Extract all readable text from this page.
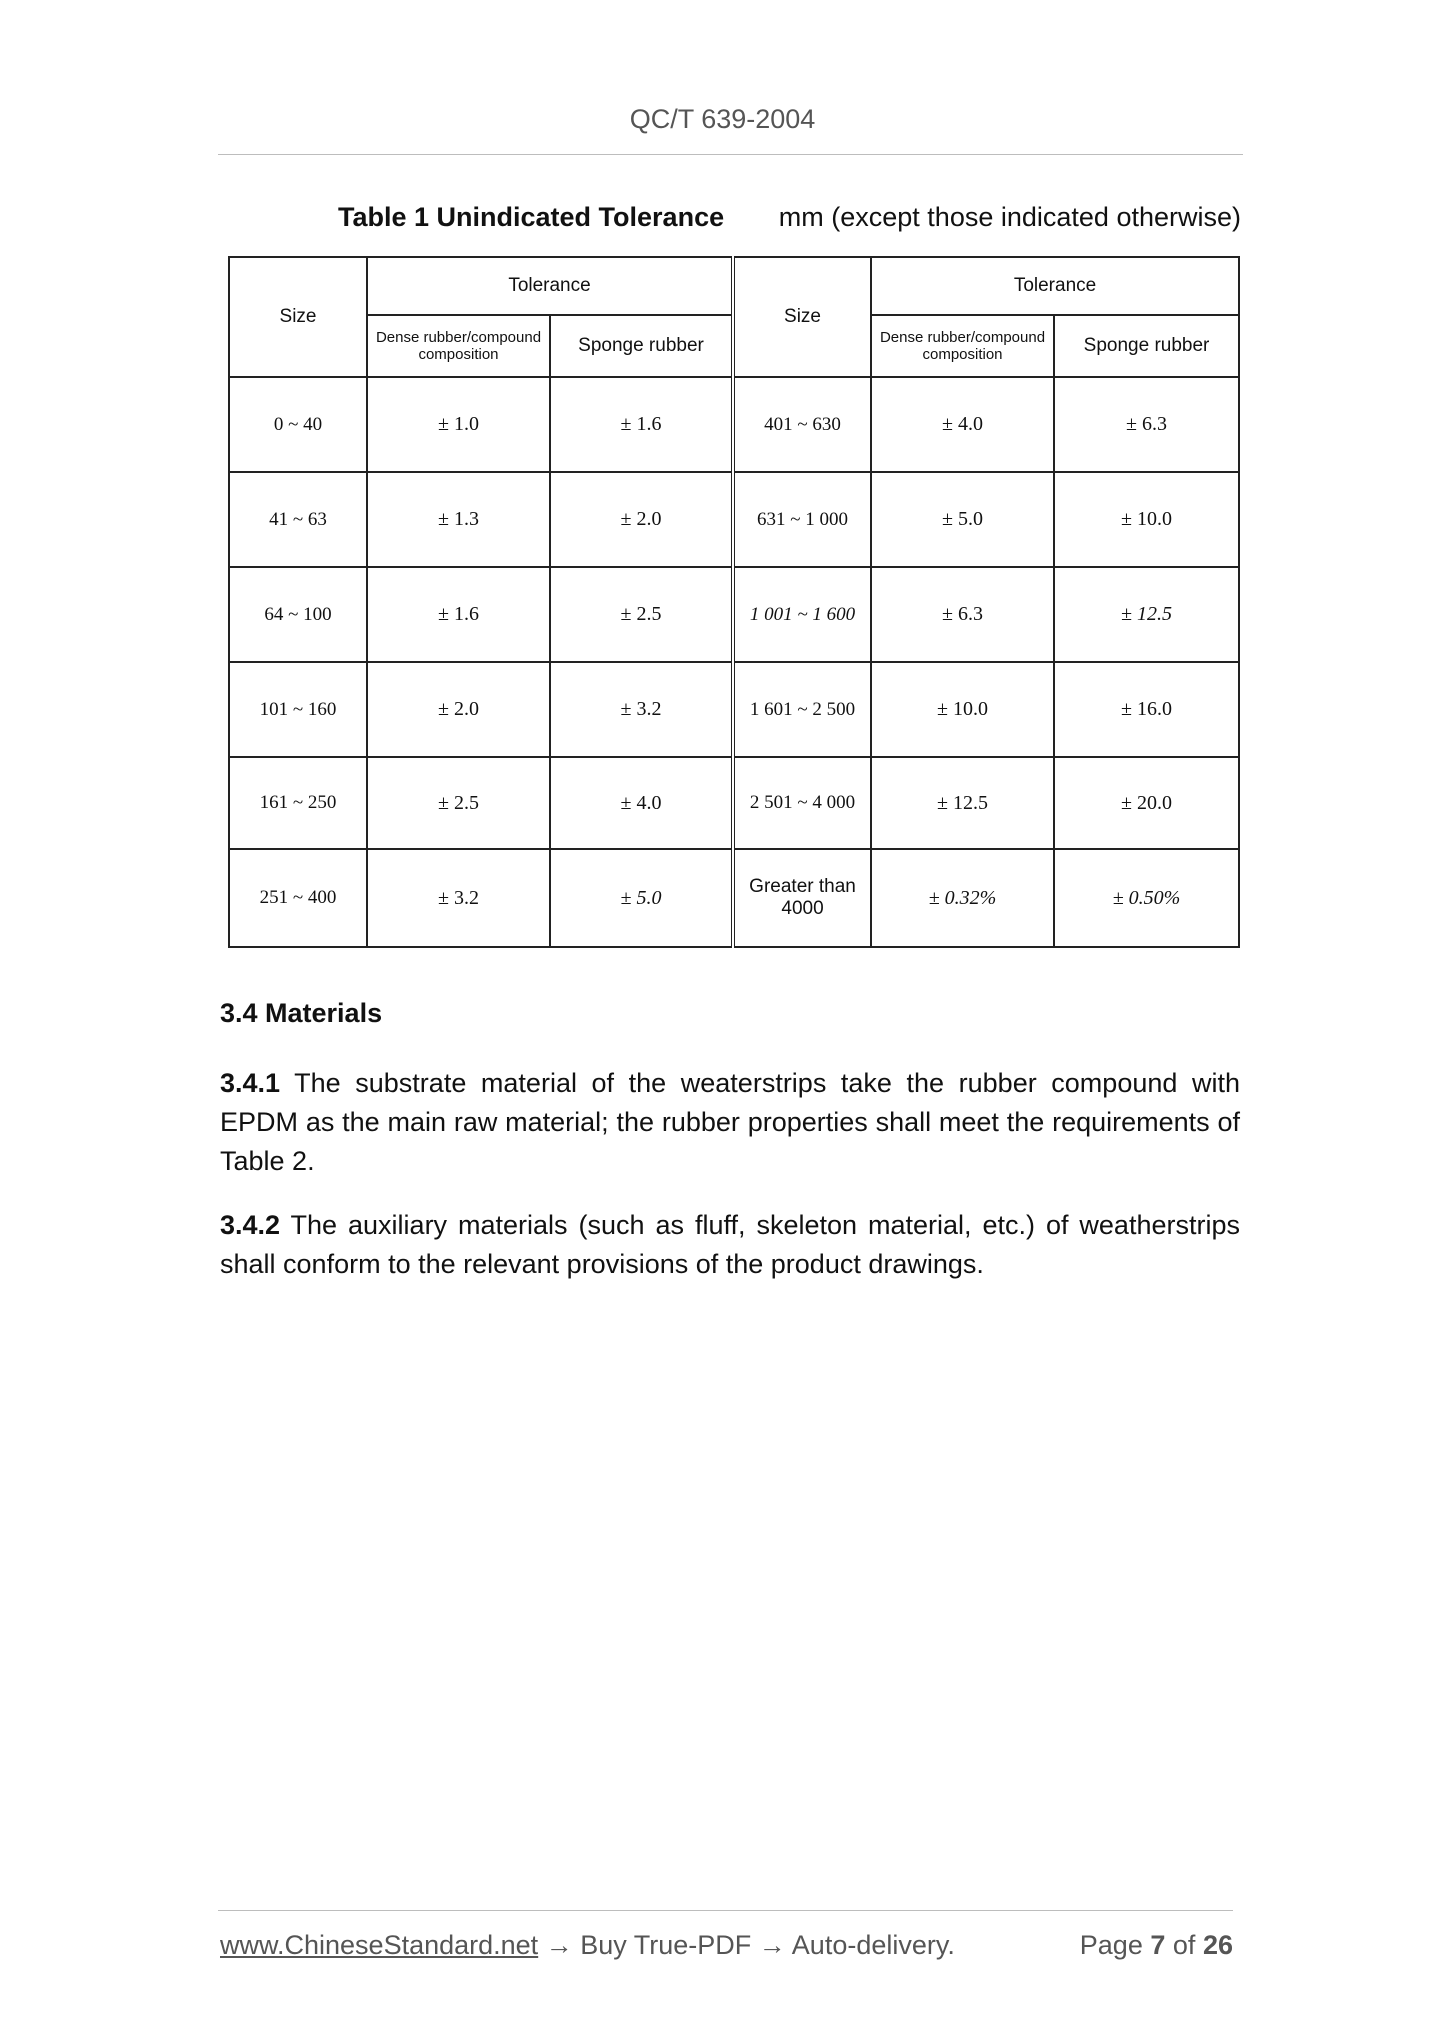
QC/T 639-2004
Table 1 Unindicated Tolerance mm (except those indicated otherwise)
Size	Tolerance		Size	Tolerance	
	Dense rubber/compound composition	Sponge rubber		Dense rubber/compound composition	Sponge rubber
0 ~ 40	± 1.0	± 1.6	401 ~ 630	± 4.0	± 6.3
41 ~ 63	± 1.3	± 2.0	631 ~ 1 000	± 5.0	± 10.0
64 ~ 100	± 1.6	± 2.5	1 001 ~ 1 600	± 6.3	± 12.5
101 ~ 160	± 2.0	± 3.2	1 601 ~ 2 500	± 10.0	± 16.0
161 ~ 250	± 2.5	± 4.0	2 501 ~ 4 000	± 12.5	± 20.0
251 ~ 400	± 3.2	± 5.0	Greater than 4000	± 0.32%	± 0.50%
3.4 Materials
3.4.1 The substrate material of the weaterstrips take the rubber compound with EPDM as the main raw material; the rubber properties shall meet the requirements of Table 2.
3.4.2 The auxiliary materials (such as fluff, skeleton material, etc.) of weatherstrips shall conform to the relevant provisions of the product drawings.
www.ChineseStandard.net → Buy True-PDF → Auto-delivery.	Page 7 of 26
